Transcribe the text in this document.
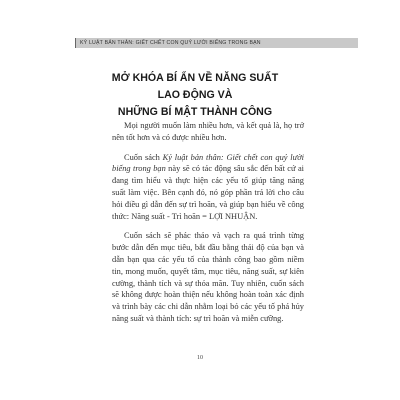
KỶ LUẬT BẢN THÂN: GIẾT CHẾT CON QUỶ LƯỜI BIẾNG TRONG BẠN
MỞ KHÓA BÍ ẨN VỀ NĂNG SUẤT LAO ĐỘNG VÀ
NHỮNG BÍ MẬT THÀNH CÔNG

Mọi người muốn làm nhiều hơn, và kết quả là, họ trở nên tốt hơn và có được nhiều hơn.

Cuốn sách Kỷ luật bản thân: Giết chết con quỷ lười biếng trong bạn này sẽ có tác động sâu sắc đến bất cứ ai đang tìm hiểu và thực hiện các yếu tố giúp tăng năng suất làm việc. Bên cạnh đó, nó góp phần trả lời cho câu hỏi điều gì dẫn đến sự trì hoãn, và giúp bạn hiểu về công thức: Năng suất - Trì hoãn = LỢI NHUẬN.

Cuốn sách sẽ phác thảo và vạch ra quá trình từng bước dẫn đến mục tiêu, bắt đầu bằng thái độ của bạn và dẫn bạn qua các yếu tố của thành công bao gồm niềm tin, mong muốn, quyết tâm, mục tiêu, năng suất, sự kiên cường, thành tích và sự thỏa mãn. Tuy nhiên, cuốn sách sẽ không được hoàn thiện nếu không hoàn toàn xác định và trình bày các chi dẫn nhằm loại bỏ các yếu tố phá hủy năng suất và thành tích: sự trì hoãn và miễn cưỡng.

10
